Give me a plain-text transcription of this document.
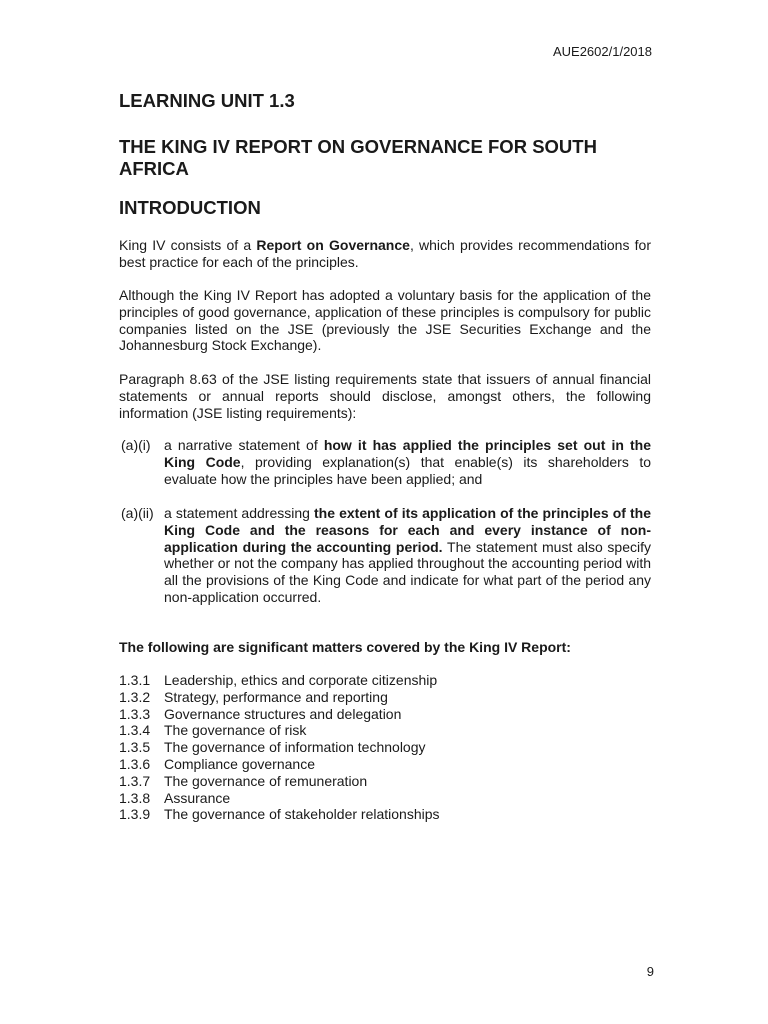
AUE2602/1/2018
LEARNING UNIT 1.3
THE KING IV REPORT ON GOVERNANCE FOR SOUTH AFRICA
INTRODUCTION

King IV consists of a Report on Governance, which provides recommendations for best practice for each of the principles.

Although the King IV Report has adopted a voluntary basis for the application of the principles of good governance, application of these principles is compulsory for public companies listed on the JSE (previously the JSE Securities Exchange and the Johannesburg Stock Exchange).

Paragraph 8.63 of the JSE listing requirements state that issuers of annual financial statements or annual reports should disclose, amongst others, the following information (JSE listing requirements):

(a)(i) a narrative statement of how it has applied the principles set out in the King Code, providing explanation(s) that enable(s) its shareholders to evaluate how the principles have been applied; and
(a)(ii) a statement addressing the extent of its application of the principles of the King Code and the reasons for each and every instance of non-application during the accounting period. The statement must also specify whether or not the company has applied throughout the accounting period with all the provisions of the King Code and indicate for what part of the period any non-application occurred.

The following are significant matters covered by the King IV Report:

1.3.1 Leadership, ethics and corporate citizenship
1.3.2 Strategy, performance and reporting
1.3.3 Governance structures and delegation
1.3.4 The governance of risk
1.3.5 The governance of information technology
1.3.6 Compliance governance
1.3.7 The governance of remuneration
1.3.8 Assurance
1.3.9 The governance of stakeholder relationships
9
